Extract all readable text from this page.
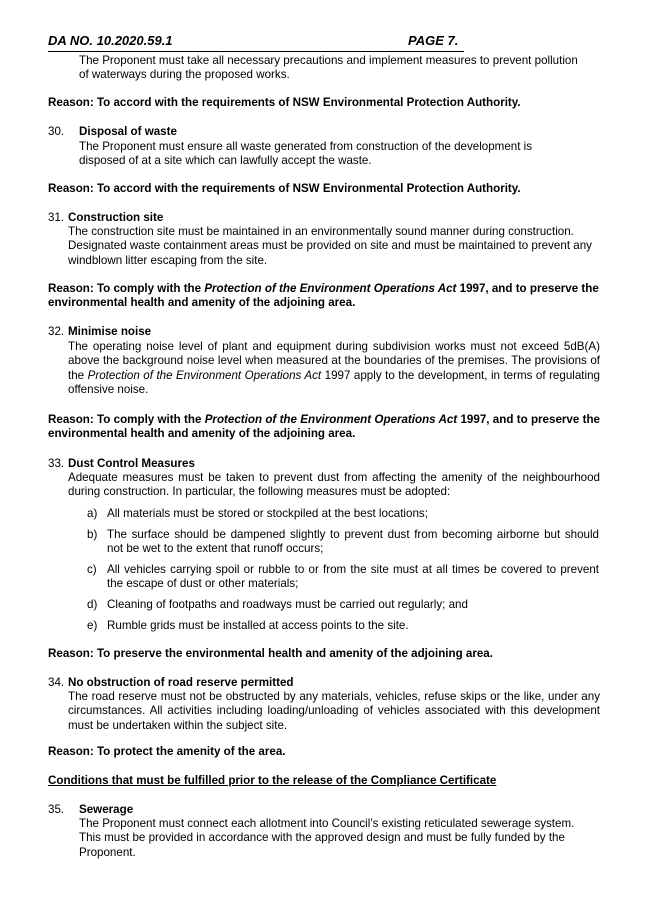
DA NO. 10.2020.59.1	PAGE 7.
The Proponent must take all necessary precautions and implement measures to prevent pollution of waterways during the proposed works.
Reason: To accord with the requirements of NSW Environmental Protection Authority.
30. Disposal of waste
The Proponent must ensure all waste generated from construction of the development is disposed of at a site which can lawfully accept the waste.
Reason: To accord with the requirements of NSW Environmental Protection Authority.
31. Construction site
The construction site must be maintained in an environmentally sound manner during construction. Designated waste containment areas must be provided on site and must be maintained to prevent any windblown litter escaping from the site.
Reason: To comply with the Protection of the Environment Operations Act 1997, and to preserve the environmental health and amenity of the adjoining area.
32. Minimise noise
The operating noise level of plant and equipment during subdivision works must not exceed 5dB(A) above the background noise level when measured at the boundaries of the premises. The provisions of the Protection of the Environment Operations Act 1997 apply to the development, in terms of regulating offensive noise.
Reason: To comply with the Protection of the Environment Operations Act 1997, and to preserve the environmental health and amenity of the adjoining area.
33. Dust Control Measures
Adequate measures must be taken to prevent dust from affecting the amenity of the neighbourhood during construction. In particular, the following measures must be adopted:
a) All materials must be stored or stockpiled at the best locations;
b) The surface should be dampened slightly to prevent dust from becoming airborne but should not be wet to the extent that runoff occurs;
c) All vehicles carrying spoil or rubble to or from the site must at all times be covered to prevent the escape of dust or other materials;
d) Cleaning of footpaths and roadways must be carried out regularly; and
e) Rumble grids must be installed at access points to the site.
Reason: To preserve the environmental health and amenity of the adjoining area.
34. No obstruction of road reserve permitted
The road reserve must not be obstructed by any materials, vehicles, refuse skips or the like, under any circumstances. All activities including loading/unloading of vehicles associated with this development must be undertaken within the subject site.
Reason: To protect the amenity of the area.
Conditions that must be fulfilled prior to the release of the Compliance Certificate
35. Sewerage
The Proponent must connect each allotment into Council’s existing reticulated sewerage system. This must be provided in accordance with the approved design and must be fully funded by the Proponent.
